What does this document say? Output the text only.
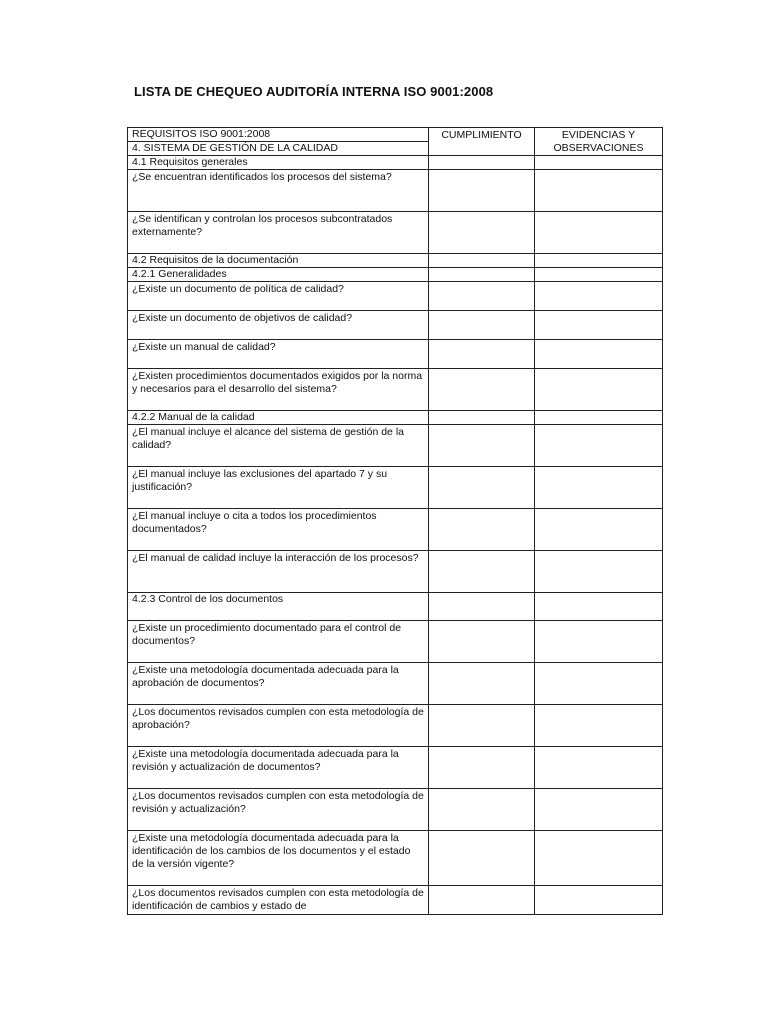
LISTA DE CHEQUEO AUDITORÍA INTERNA ISO 9001:2008
REQUISITOS ISO 9001:2008	CUMPLIMIENTO	EVIDENCIAS Y OBSERVACIONES
4. SISTEMA DE GESTIÓN DE LA CALIDAD		
4.1 Requisitos generales		
¿Se encuentran identificados los procesos del sistema?		
¿Se identifican y controlan los procesos subcontratados externamente?		
4.2 Requisitos de la documentación		
4.2.1 Generalidades		
¿Existe un documento de política de calidad?		
¿Existe un documento de objetivos de calidad?		
¿Existe un manual de calidad?		
¿Existen procedimientos documentados exigidos por la norma y necesarios para el desarrollo del sistema?		
4.2.2 Manual de la calidad		
¿El manual incluye el alcance del sistema de gestión de la calidad?		
¿El manual incluye las exclusiones del apartado 7 y su justificación?		
¿El manual incluye o cita a todos los procedimientos documentados?		
¿El manual de calidad incluye la interacción de los procesos?		
4.2.3 Control de los documentos		
¿Existe un procedimiento documentado para el control de documentos?		
¿Existe una metodología documentada adecuada para la aprobación de documentos?		
¿Los documentos revisados cumplen con esta metodología de aprobación?		
¿Existe una metodología documentada adecuada para la revisión y actualización de documentos?		
¿Los documentos revisados cumplen con esta metodología de revisión y actualización?		
¿Existe una metodología documentada adecuada para la identificación de los cambios de los documentos y el estado de la versión vigente?		
¿Los documentos revisados cumplen con esta metodología de identificación de cambios y estado de		
